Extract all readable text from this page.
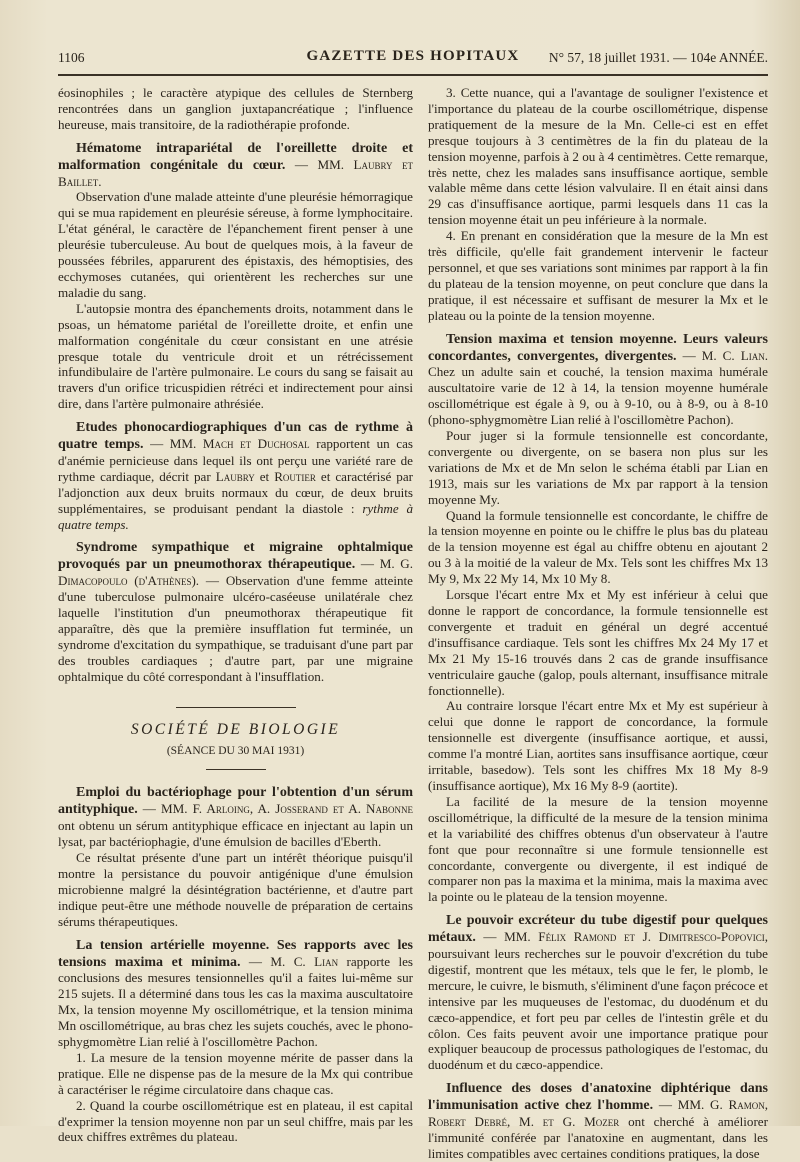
1106	GAZETTE DES HOPITAUX	N° 57, 18 juillet 1931. — 104e ANNÉE.

éosinophiles ; le caractère atypique des cellules de Sternberg rencontrées dans un ganglion juxtapancréatique ; l'influence heureuse, mais transitoire, de la radiothérapie profonde.

Hématome intrapariétal de l'oreillette droite et malformation congénitale du cœur. — MM. Laubry et Baillet.

Observation d'une malade atteinte d'une pleurésie hémorragique qui se mua rapidement en pleurésie séreuse, à forme lymphocitaire. L'état général, le caractère de l'épanchement firent penser à une pleurésie tuberculeuse. Au bout de quelques mois, à la faveur de poussées fébriles, apparurent des épistaxis, des hémoptisies, des ecchymoses cutanées, qui orientèrent les recherches sur une maladie du sang.

L'autopsie montra des épanchements droits, notamment dans le psoas, un hématome pariétal de l'oreillette droite, et enfin une malformation congénitale du cœur consistant en une atrésie presque totale du ventricule droit et un rétrécissement infundibulaire de l'artère pulmonaire. Le cours du sang se faisait au travers d'un orifice tricuspidien rétréci et indirectement pour ainsi dire, dans l'artère pulmonaire athrésiée.

Etudes phonocardiographiques d'un cas de rythme à quatre temps. — MM. Mach et Duchosal rapportent un cas d'anémie pernicieuse dans lequel ils ont perçu une variété rare de rythme cardiaque, décrit par Laubry et Routier et caractérisé par l'adjonction aux deux bruits normaux du cœur, de deux bruits supplémentaires, se produisant pendant la diastole : rythme à quatre temps.

Syndrome sympathique et migraine ophtalmique provoqués par un pneumothorax thérapeutique. — M. G. Dimacopoulo (d'Athènes). — Observation d'une femme atteinte d'une tuberculose pulmonaire ulcéro-caséeuse unilatérale chez laquelle l'institution d'un pneumothorax thérapeutique fit apparaître, dès que la première insufflation fut terminée, un syndrome d'excitation du sympathique, se traduisant d'une part par des troubles cardiaques ; d'autre part, par une migraine ophtalmique du côté correspondant à l'insufflation.

SOCIÉTÉ DE BIOLOGIE
(SÉANCE DU 30 MAI 1931)

Emploi du bactériophage pour l'obtention d'un sérum antityphique. — MM. F. Arloing, A. Josserand et A. Nabonne ont obtenu un sérum antityphique efficace en injectant au lapin un lysat, par bactériophagie, d'une émulsion de bacilles d'Eberth.

Ce résultat présente d'une part un intérêt théorique puisqu'il montre la persistance du pouvoir antigénique d'une émulsion microbienne malgré la désintégration bactérienne, et d'autre part indique peut-être une méthode nouvelle de préparation de certains sérums thérapeutiques.

La tension artérielle moyenne. Ses rapports avec les tensions maxima et minima. — M. C. Lian rapporte les conclusions des mesures tensionnelles qu'il a faites lui-même sur 215 sujets. Il a déterminé dans tous les cas la maxima auscultatoire Mx, la tension moyenne My oscillométrique, et la tension minima Mn oscillométrique, au bras chez les sujets couchés, avec le phono-sphygmomètre Lian relié à l'oscillomètre Pachon.

1. La mesure de la tension moyenne mérite de passer dans la pratique. Elle ne dispense pas de la mesure de la Mx qui contribue à caractériser le régime circulatoire dans chaque cas.
2. Quand la courbe oscillométrique est en plateau, il est capital d'exprimer la tension moyenne non par un seul chiffre, mais par les deux chiffres extrêmes du plateau.
3. Cette nuance, qui a l'avantage de souligner l'existence et l'importance du plateau de la courbe oscillométrique, dispense pratiquement de la mesure de la Mn. Celle-ci est en effet presque toujours à 3 centimètres de la fin du plateau de la tension moyenne, parfois à 2 ou à 4 centimètres. Cette remarque, très nette, chez les malades sans insuffisance aortique, semble valable même dans cette lésion valvulaire. Il en était ainsi dans 29 cas d'insuffisance aortique, parmi lesquels dans 11 cas la tension moyenne était un peu inférieure à la normale.
4. En prenant en considération que la mesure de la Mn est très difficile, qu'elle fait grandement intervenir le facteur personnel, et que ses variations sont minimes par rapport à la fin du plateau de la tension moyenne, on peut conclure que dans la pratique, il est nécessaire et suffisant de mesurer la Mx et le plateau ou la pointe de la tension moyenne.

Tension maxima et tension moyenne. Leurs valeurs concordantes, convergentes, divergentes. — M. C. Lian. Chez un adulte sain et couché, la tension maxima humérale auscultatoire varie de 12 à 14, la tension moyenne humérale oscillométrique est égale à 9, ou à 9-10, ou à 8-9, ou à 8-10 (phono-sphygmomètre Lian relié à l'oscillomètre Pachon).

Pour juger si la formule tensionnelle est concordante, convergente ou divergente, on se basera non plus sur les variations de Mx et de Mn selon le schéma établi par Lian en 1913, mais sur les variations de Mx par rapport à la tension moyenne My.

Quand la formule tensionnelle est concordante, le chiffre de la tension moyenne en pointe ou le chiffre le plus bas du plateau de la tension moyenne est égal au chiffre obtenu en ajoutant 2 ou 3 à la moitié de la valeur de Mx. Tels sont les chiffres Mx 13 My 9, Mx 22 My 14, Mx 10 My 8.

Lorsque l'écart entre Mx et My est inférieur à celui que donne le rapport de concordance, la formule tensionnelle est convergente et traduit en général un degré accentué d'insuffisance cardiaque. Tels sont les chiffres Mx 24 My 17 et Mx 21 My 15-16 trouvés dans 2 cas de grande insuffisance ventriculaire gauche (galop, pouls alternant, insuffisance mitrale fonctionnelle).

Au contraire lorsque l'écart entre Mx et My est supérieur à celui que donne le rapport de concordance, la formule tensionnelle est divergente (insuffisance aortique, et aussi, comme l'a montré Lian, aortites sans insuffisance aortique, cœur irritable, basedow). Tels sont les chiffres Mx 18 My 8-9 (insuffisance aortique), Mx 16 My 8-9 (aortite).

La facilité de la mesure de la tension moyenne oscillométrique, la difficulté de la mesure de la tension minima et la variabilité des chiffres obtenus d'un observateur à l'autre font que pour reconnaître si une formule tensionnelle est concordante, convergente ou divergente, il est indiqué de comparer non pas la maxima et la minima, mais la maxima avec la pointe ou le plateau de la tension moyenne.

Le pouvoir excréteur du tube digestif pour quelques métaux. — MM. Félix Ramond et J. Dimitresco-Popovici, poursuivant leurs recherches sur le pouvoir d'excrétion du tube digestif, montrent que les métaux, tels que le fer, le plomb, le mercure, le cuivre, le bismuth, s'éliminent d'une façon précoce et intensive par les muqueuses de l'estomac, du duodénum et du cæco-appendice, et fort peu par celles de l'intestin grêle et du côlon. Ces faits peuvent avoir une importance pratique pour expliquer beaucoup de processus pathologiques de l'estomac, du duodénum et du cæco-appendice.

Influence des doses d'anatoxine diphtérique dans l'immunisation active chez l'homme. — MM. G. Ramon, Robert Debré, M. et G. Mozer ont cherché à améliorer l'immunité conférée par l'anatoxine en augmentant, dans les limites compatibles avec certaines conditions pratiques, la dose
